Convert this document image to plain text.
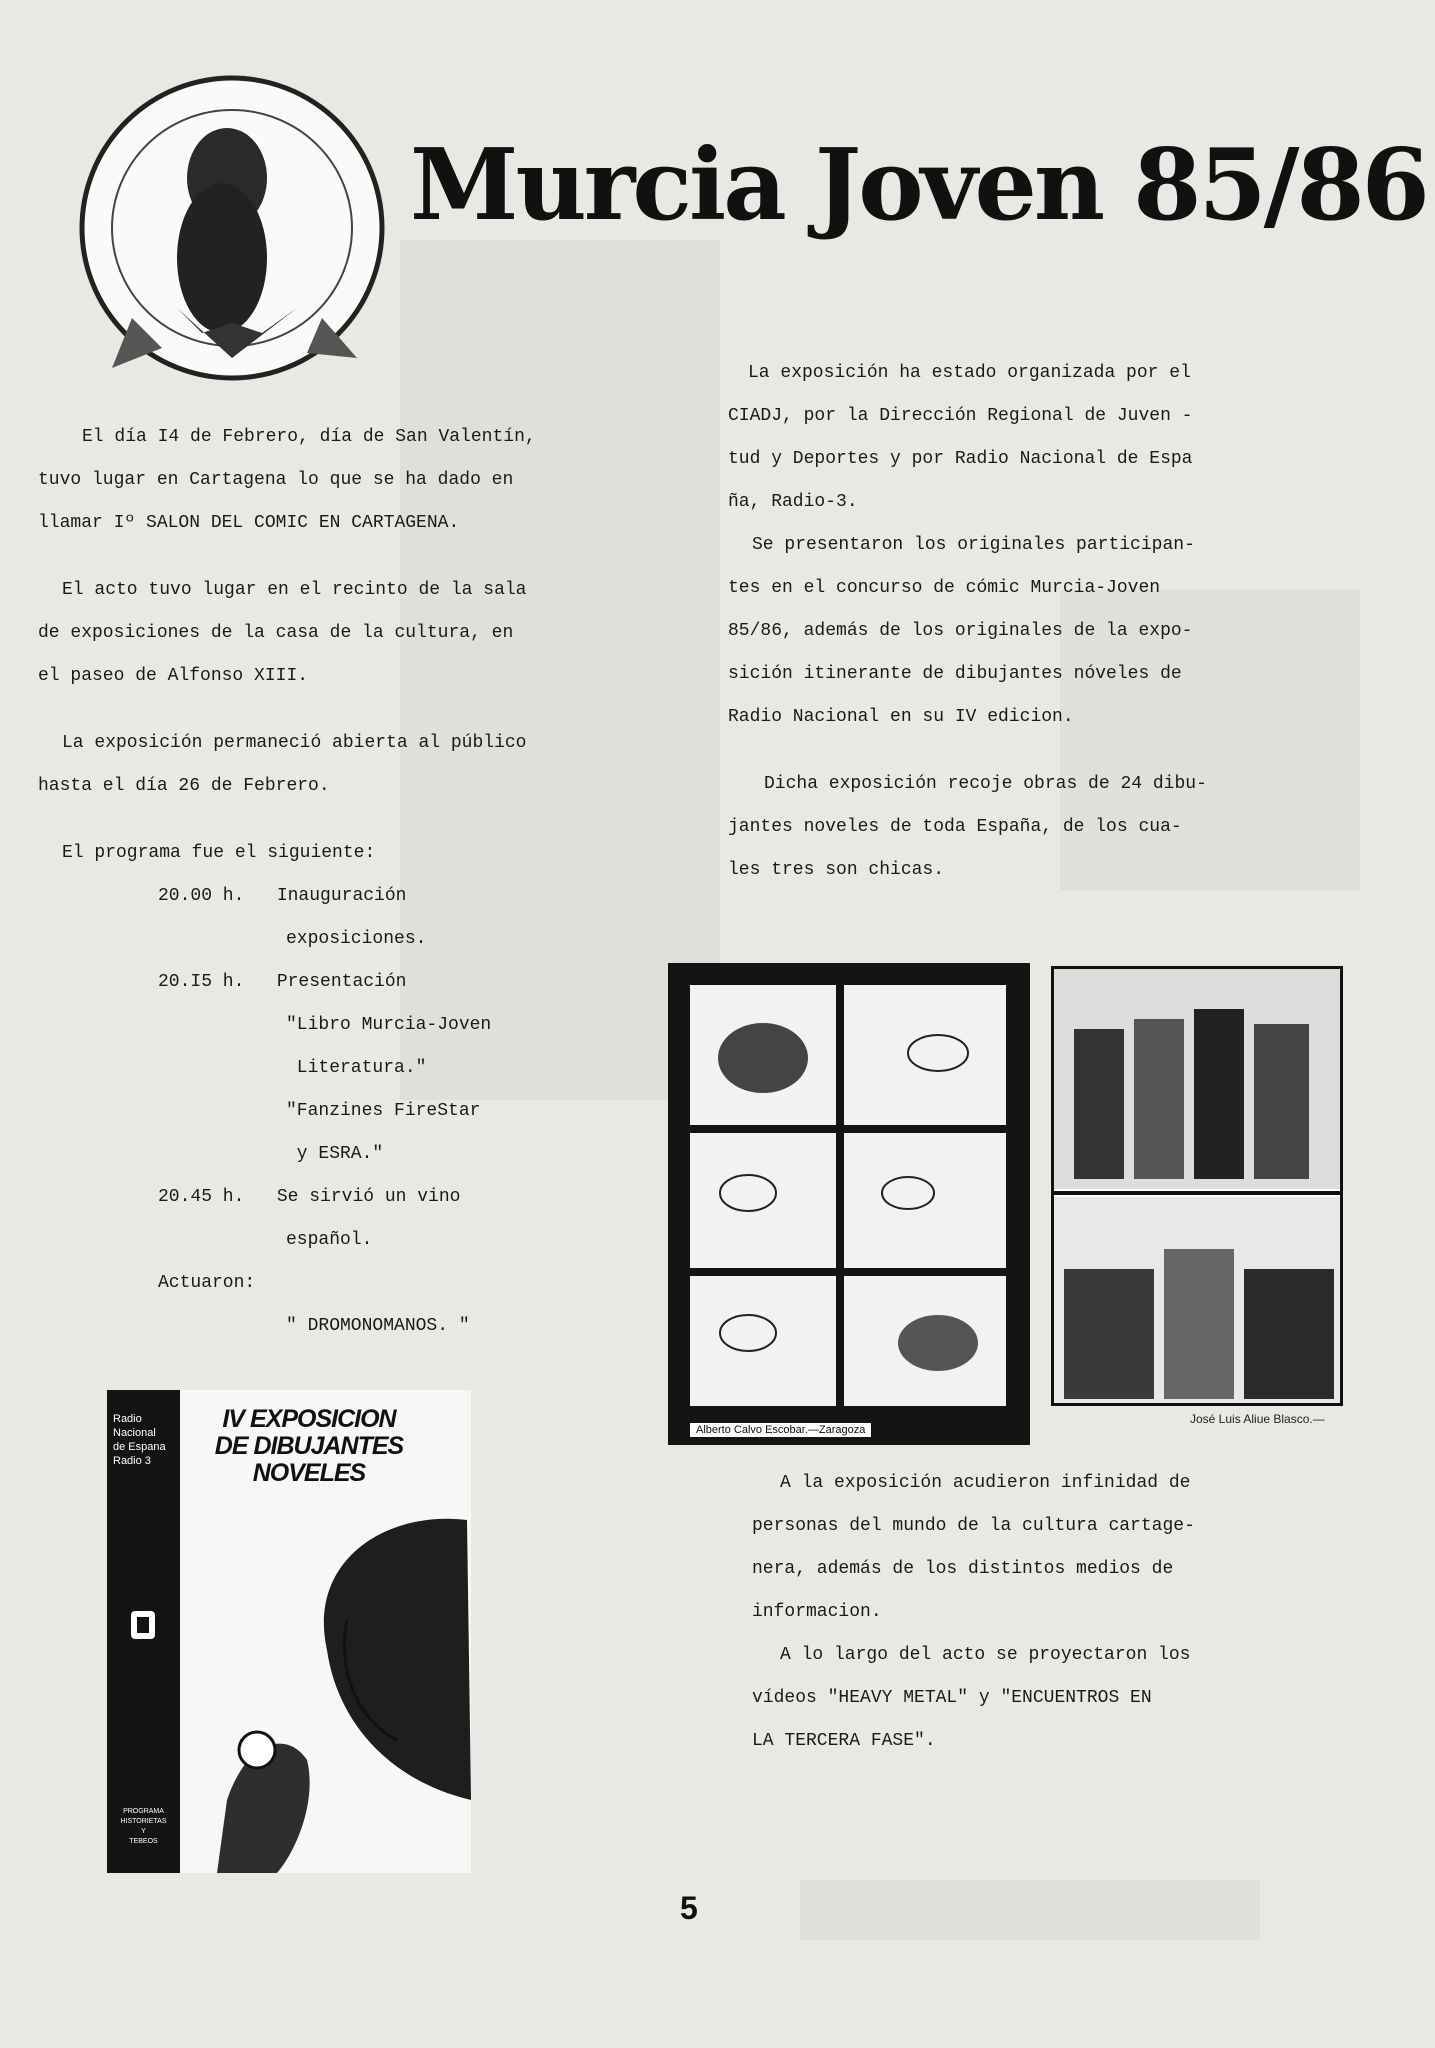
Murcia Joven 85/86

El día I4 de Febrero, día de San Valentín,

tuvo lugar en Cartagena lo que se ha dado en

llamar Iº SALON DEL COMIC EN CARTAGENA.

El acto tuvo lugar en el recinto de la sala

de exposiciones de la casa de la cultura, en

el paseo de Alfonso XIII.

La exposición permaneció abierta al público

hasta el día 26 de Febrero.

El programa fue el siguiente:

20.00 h. Inauguración

exposiciones.

20.I5 h. Presentación

"Libro Murcia-Joven

Literatura."

"Fanzines FireStar

y ESRA."

20.45 h. Se sirvió un vino

español.

Actuaron:

" DROMONOMANOS. "

La exposición ha estado organizada por el

CIADJ, por la Dirección Regional de Juven -

tud y Deportes y por Radio Nacional de Espa

ña, Radio-3.

Se presentaron los originales participan-

tes en el concurso de cómic Murcia-Joven

85/86, además de los originales de la expo-

sición itinerante de dibujantes nóveles de

Radio Nacional en su IV edicion.

Dicha exposición recoje obras de 24 dibu-

jantes noveles de toda España, de los cua-

les tres son chicas.

A la exposición acudieron infinidad de

personas del mundo de la cultura cartage-

nera, además de los distintos medios de

informacion.

A lo largo del acto se proyectaron los

vídeos "HEAVY METAL" y "ENCUENTROS EN

LA TERCERA FASE".

Alberto Calvo Escobar.—Zaragoza
José Luis Aliue Blasco.—
Radio
Nacional
de Espana
Radio 3
PROGRAMA
HISTORIETAS
Y
TEBEOS
IV EXPOSICION
DE DIBUJANTES
NOVELES
5
